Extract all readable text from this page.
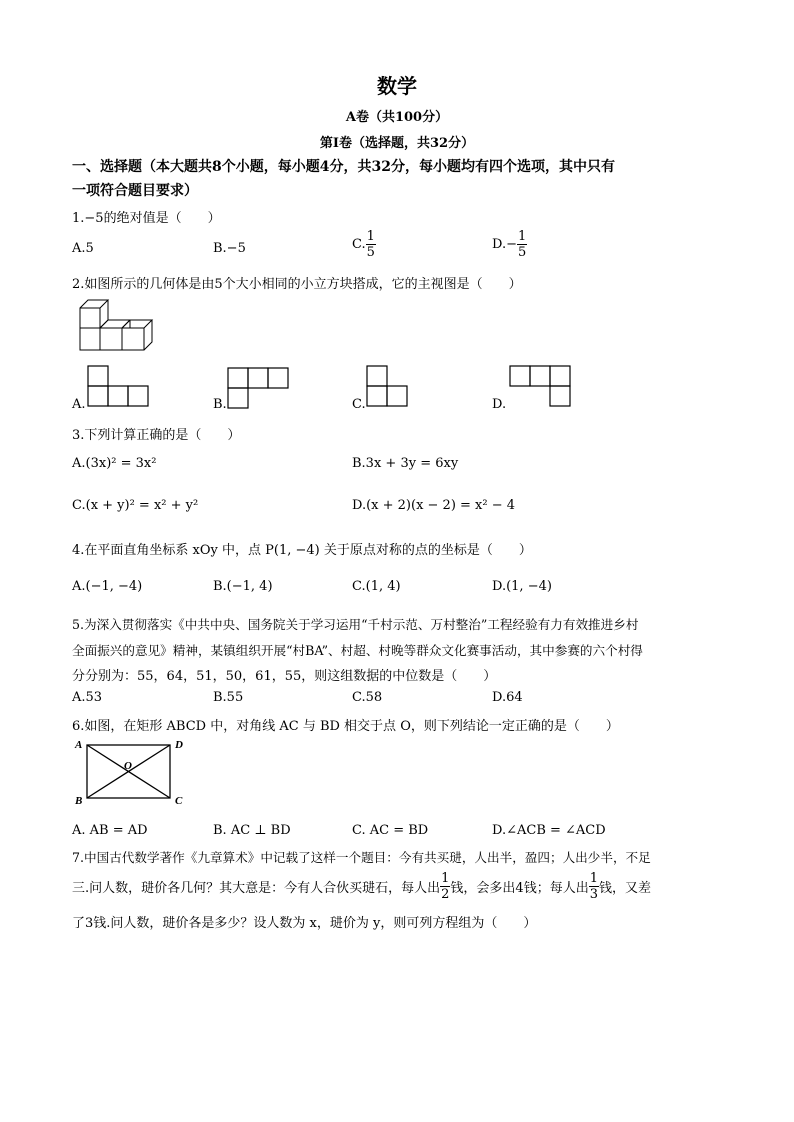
数学
A卷（共100分）
第Ⅰ卷（选择题，共32分）
一、选择题（本大题共8个小题，每小题4分，共32分，每小题均有四个选项，其中只有
一项符合题目要求）
1.−5的绝对值是（　　）
A.5	B.−5	C. $\frac{1}{5}$	$D.- \frac{1}{5}$
2.如图所示的几何体是由5个大小相同的小立方块搭成，它的主视图是（　　）
A.	B.	C.	D.
3.下列计算正确的是（　　）
A.(3x)² = 3x²	B.3x + 3y = 6xy
C.(x + y)² = x² + y²	D.(x + 2)(x − 2) = x² − 4
4.在平面直角坐标系 xOy 中，点 P(1, −4) 关于原点对称的点的坐标是（　　）
A.(−1, −4)	B.(−1, 4)	C.(1, 4)	D.(1, −4)
5.为深入贯彻落实《中共中央、国务院关于学习运用“千村示范、万村整治”工程经验有力有效推进乡村
全面振兴的意见》精神，某镇组织开展“村BA”、村超、村晚等群众文化赛事活动，其中参赛的六个村得
分分别为：55，64，51，50，61，55，则这组数据的中位数是（　　）
A.53	B.55	C.58	D.64
6.如图，在矩形 ABCD 中，对角线 AC 与 BD 相交于点 O，则下列结论一定正确的是（　　）
A	D
B	C
O
A. AB = AD	B. AC ⊥ BD	C. AC = BD	D.∠ACB = ∠ACD
7.中国古代数学著作《九章算术》中记载了这样一个题目：今有共买琎，人出半，盈四；人出少半，不足
三.问人数，琎价各几何？其大意是：今有人合伙买琎石，每人出 $\frac{1}{2}$ 钱，会多出4钱；每人出 $\frac{1}{3}$ 钱，又差
了3钱.问人数，琎价各是多少？设人数为 x，琎价为 y，则可列方程组为（　　）
